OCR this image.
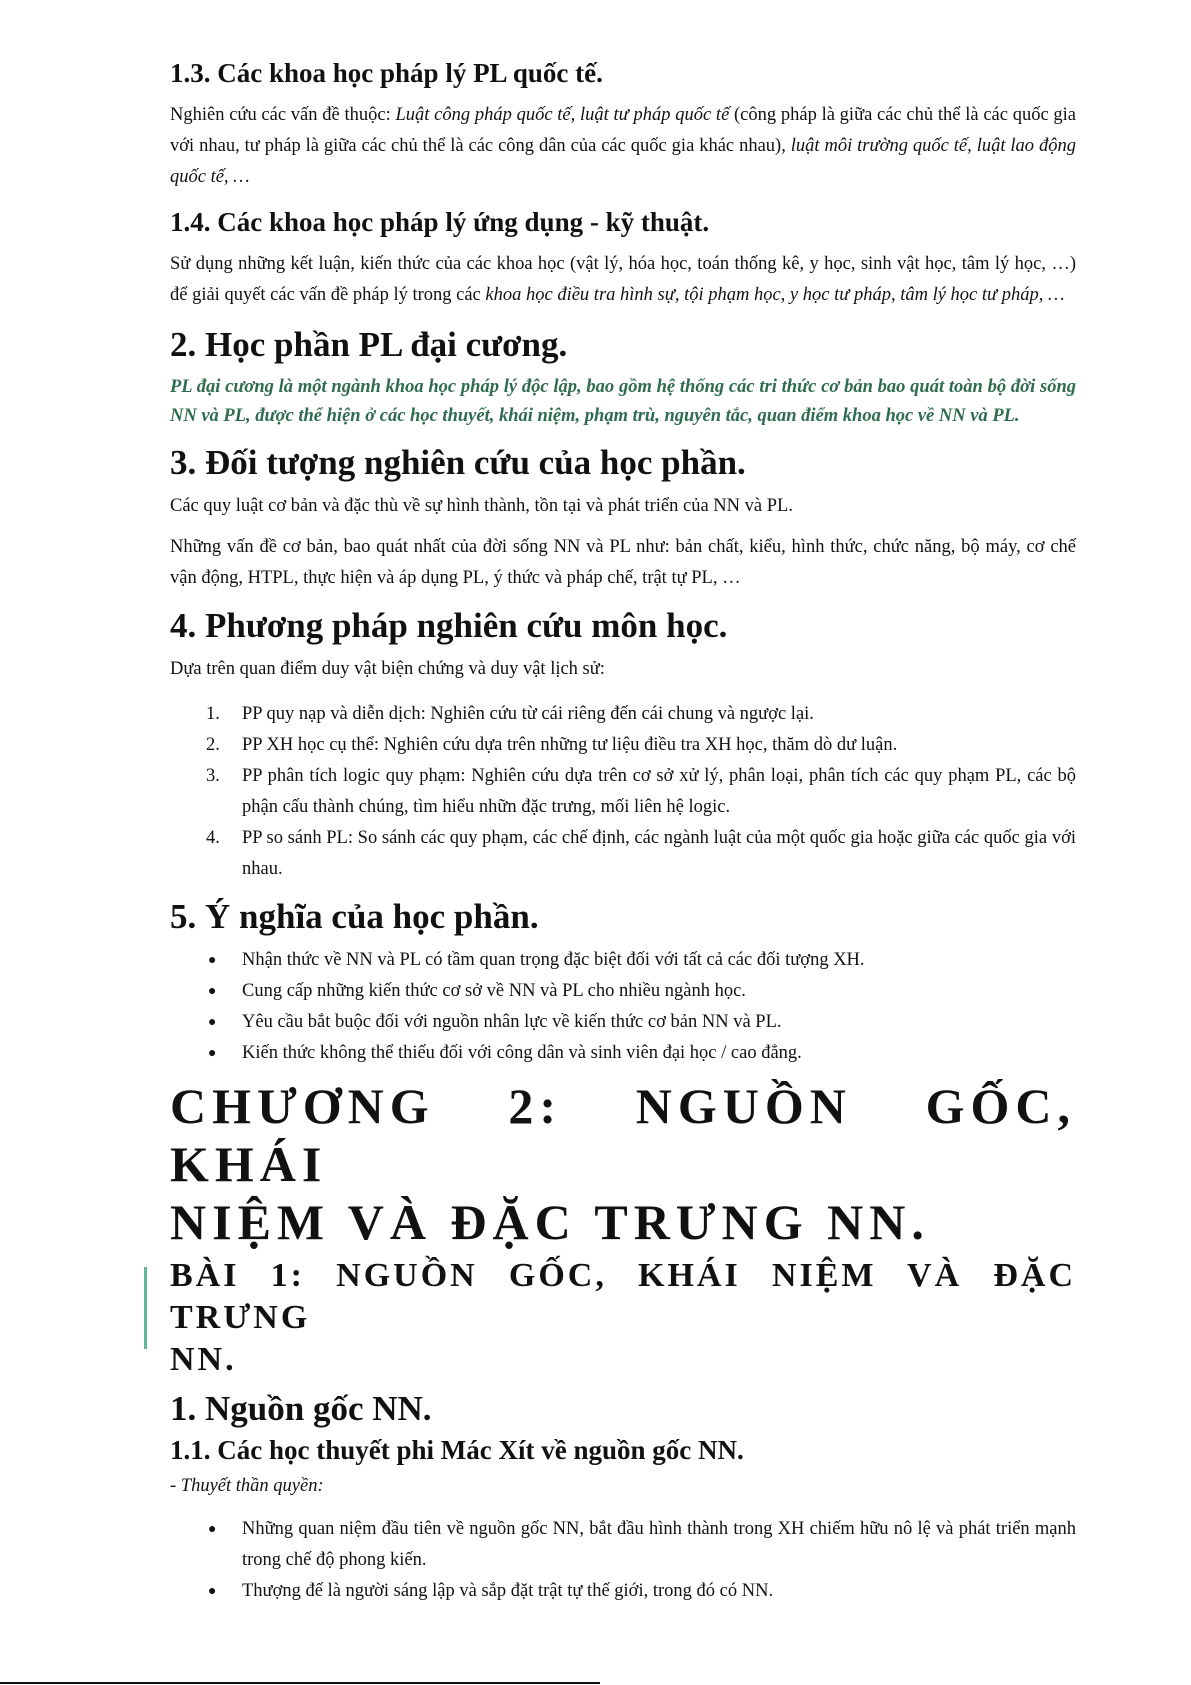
1.3. Các khoa học pháp lý PL quốc tế.

Nghiên cứu các vấn đề thuộc: Luật công pháp quốc tế, luật tư pháp quốc tế (công pháp là giữa các chủ thể là các quốc gia với nhau, tư pháp là giữa các chủ thể là các công dân của các quốc gia khác nhau), luật môi trường quốc tế, luật lao động quốc tế, …

1.4. Các khoa học pháp lý ứng dụng - kỹ thuật.

Sử dụng những kết luận, kiến thức của các khoa học (vật lý, hóa học, toán thống kê, y học, sinh vật học, tâm lý học, …) để giải quyết các vấn đề pháp lý trong các khoa học điều tra hình sự, tội phạm học, y học tư pháp, tâm lý học tư pháp, …

2. Học phần PL đại cương.

PL đại cương là một ngành khoa học pháp lý độc lập, bao gồm hệ thống các tri thức cơ bản bao quát toàn bộ đời sống NN và PL, được thể hiện ở các học thuyết, khái niệm, phạm trù, nguyên tắc, quan điểm khoa học về NN và PL.

3. Đối tượng nghiên cứu của học phần.

Các quy luật cơ bản và đặc thù về sự hình thành, tồn tại và phát triển của NN và PL.

Những vấn đề cơ bản, bao quát nhất của đời sống NN và PL như: bản chất, kiểu, hình thức, chức năng, bộ máy, cơ chế vận động, HTPL, thực hiện và áp dụng PL, ý thức và pháp chế, trật tự PL, …

4. Phương pháp nghiên cứu môn học.

Dựa trên quan điểm duy vật biện chứng và duy vật lịch sử:

1. PP quy nạp và diễn dịch: Nghiên cứu từ cái riêng đến cái chung và ngược lại.
2. PP XH học cụ thể: Nghiên cứu dựa trên những tư liệu điều tra XH học, thăm dò dư luận.
3. PP phân tích logic quy phạm: Nghiên cứu dựa trên cơ sở xử lý, phân loại, phân tích các quy phạm PL, các bộ phận cấu thành chúng, tìm hiểu nhữn đặc trưng, mối liên hệ logic.
4. PP so sánh PL: So sánh các quy phạm, các chế định, các ngành luật của một quốc gia hoặc giữa các quốc gia với nhau.
5. Ý nghĩa của học phần.
● Nhận thức về NN và PL có tầm quan trọng đặc biệt đối với tất cả các đối tượng XH.
● Cung cấp những kiến thức cơ sở về NN và PL cho nhiều ngành học.
● Yêu cầu bắt buộc đối với nguồn nhân lực về kiến thức cơ bản NN và PL.
● Kiến thức không thể thiếu đối với công dân và sinh viên đại học / cao đẳng.
CHƯƠNG 2: NGUỒN GỐC, KHÁI
NIỆM VÀ ĐẶC TRƯNG NN.
BÀI 1: NGUỒN GỐC, KHÁI NIỆM VÀ ĐẶC TRƯNG
NN.
1. Nguồn gốc NN.
1.1. Các học thuyết phi Mác Xít về nguồn gốc NN.

- Thuyết thần quyền:

● Những quan niệm đầu tiên về nguồn gốc NN, bắt đầu hình thành trong XH chiếm hữu nô lệ và phát triển mạnh trong chế độ phong kiến.
● Thượng đế là người sáng lập và sắp đặt trật tự thế giới, trong đó có NN.
